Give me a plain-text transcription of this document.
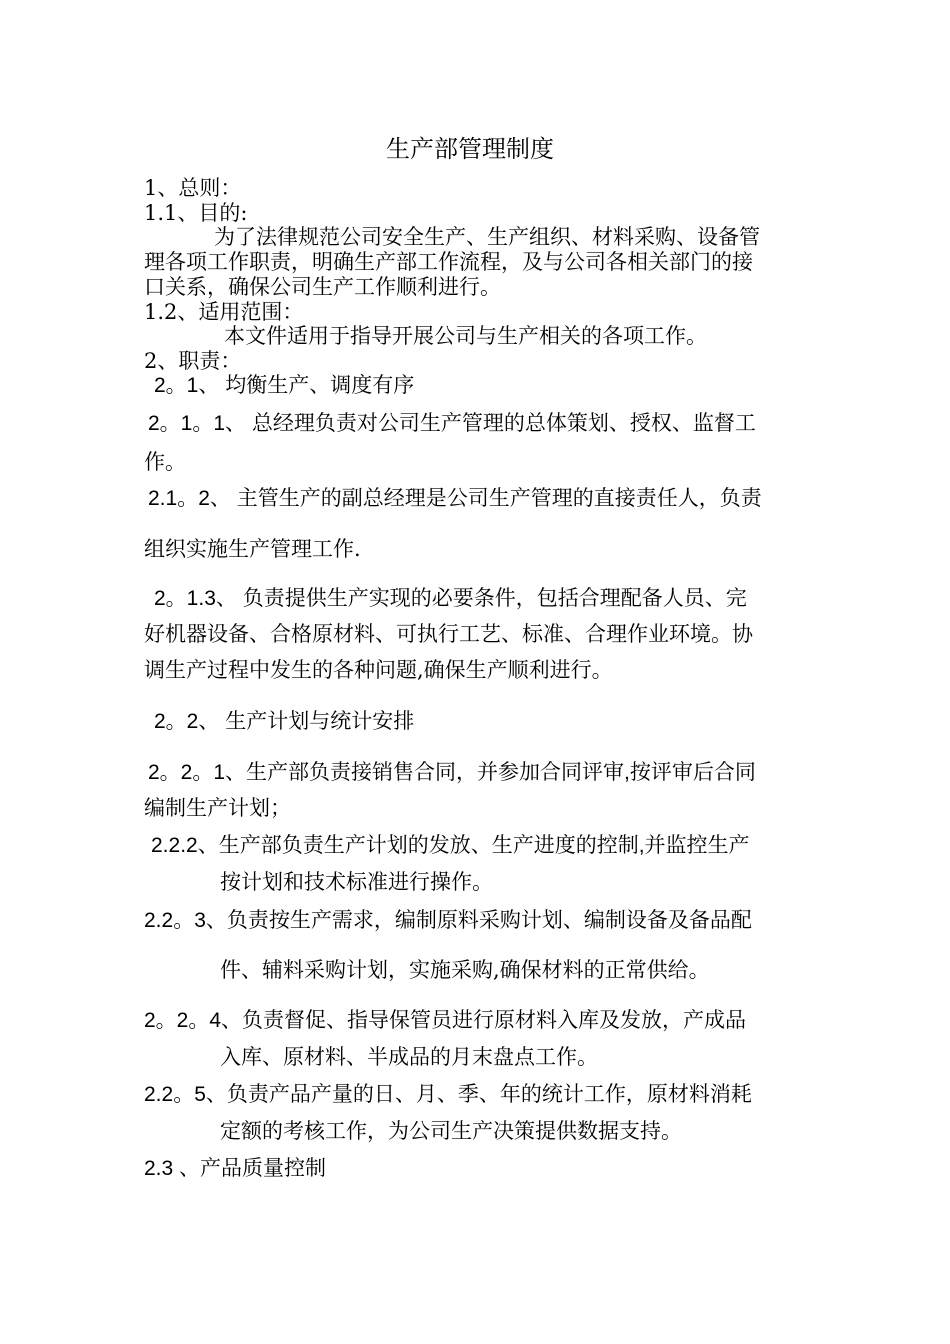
生产部管理制度
1、总则：
1.1、目的:
为了法律规范公司安全生产、生产组织、材料采购、设备管
理各项工作职责，明确生产部工作流程，及与公司各相关部门的接
口关系，确保公司生产工作顺利进行。
1.2、适用范围：
本文件适用于指导开展公司与生产相关的各项工作。
2、职责：
2。1、 均衡生产、调度有序
2。1。1、 总经理负责对公司生产管理的总体策划、授权、监督工
作。
2.1。2、 主管生产的副总经理是公司生产管理的直接责任人，负责
组织实施生产管理工作.
2。1.3、 负责提供生产实现的必要条件，包括合理配备人员、完
好机器设备、合格原材料、可执行工艺、标准、合理作业环境。协
调生产过程中发生的各种问题,确保生产顺利进行。
2。2、 生产计划与统计安排
2。2。1、生产部负责接销售合同，并参加合同评审,按评审后合同
编制生产计划；
2.2.2、生产部负责生产计划的发放、生产进度的控制,并监控生产
按计划和技术标准进行操作。
2.2。3、负责按生产需求，编制原料采购计划、编制设备及备品配
件、辅料采购计划，实施采购,确保材料的正常供给。
2。2。4、负责督促、指导保管员进行原材料入库及发放，产成品
入库、原材料、半成品的月末盘点工作。
2.2。5、负责产品产量的日、月、季、年的统计工作，原材料消耗
定额的考核工作，为公司生产决策提供数据支持。
2.3 、产品质量控制
